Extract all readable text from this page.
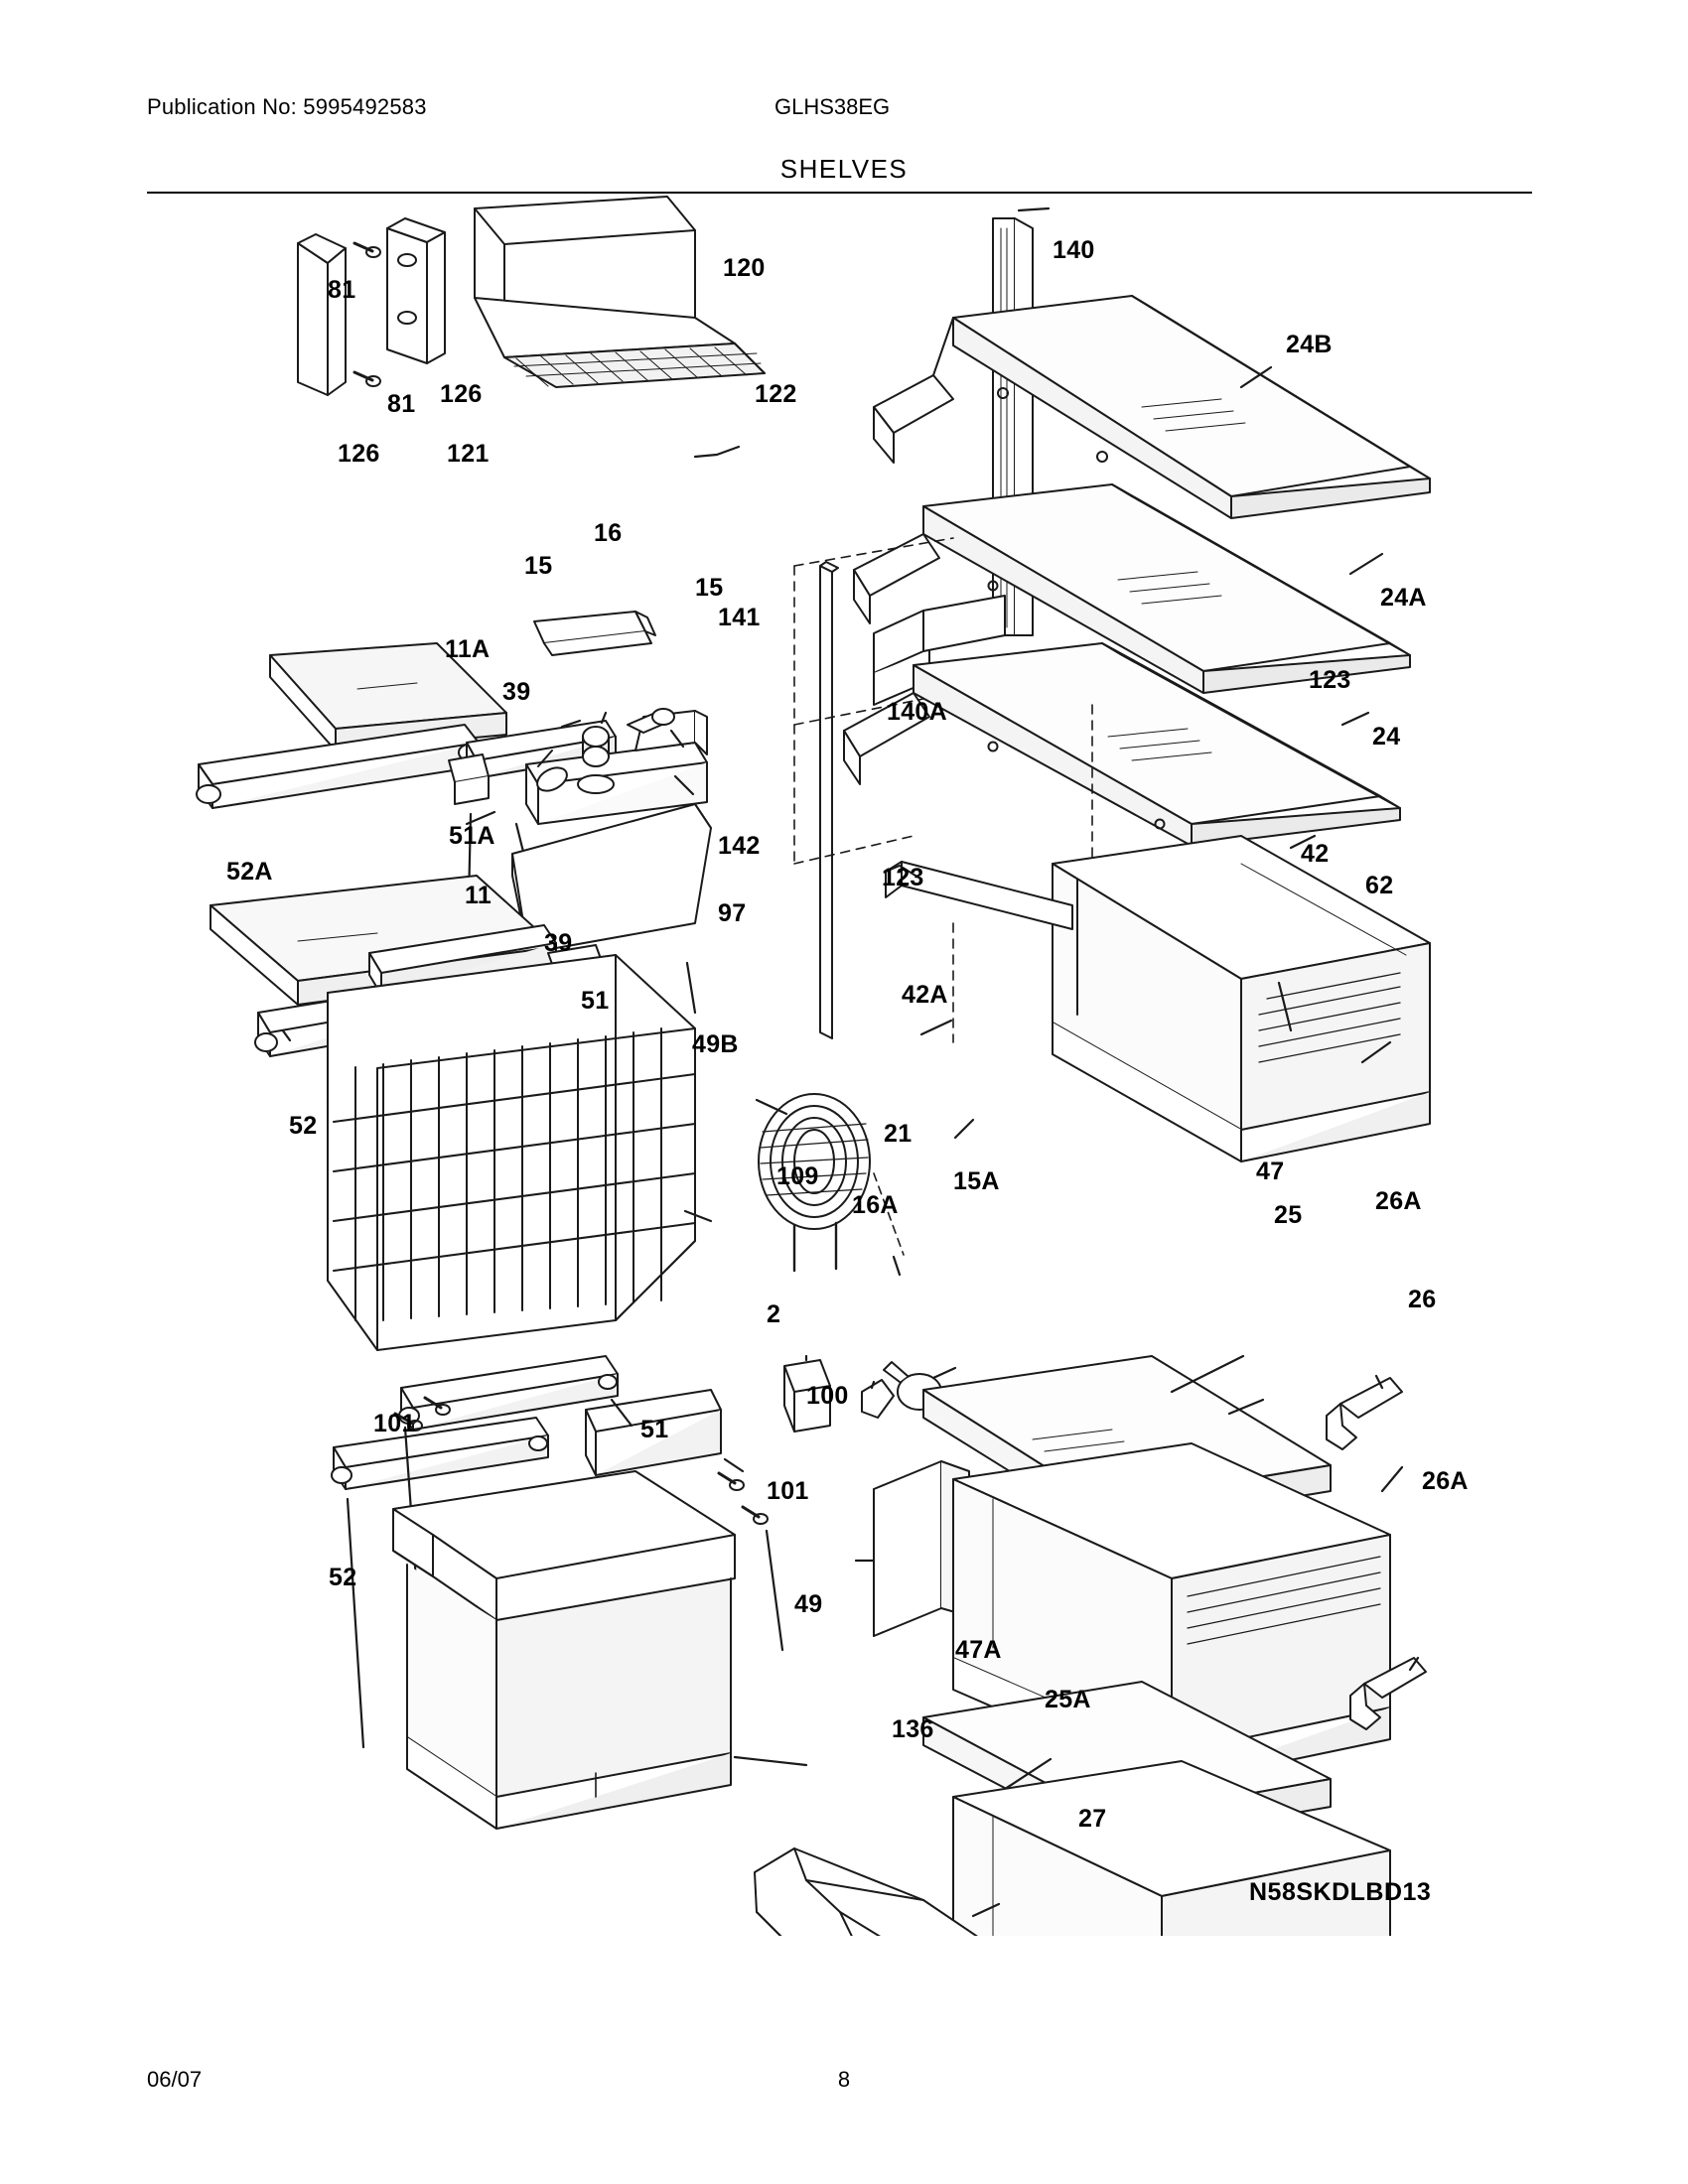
Publication No: 5995492583	GLHS38EG
SHELVES
81
81 126
126	121
120
122
140
24B
24A
123
24
140A
123
15
16
15
141
11A
39
51A
52A
142	42
62
42A
11
39
51
49B
52
97
21
109
16A
15A	47
25	26A
26
2
100
26A
101	51
101
52
49
47A
25A
136
27
N58SKDLBD13
06/07	8
